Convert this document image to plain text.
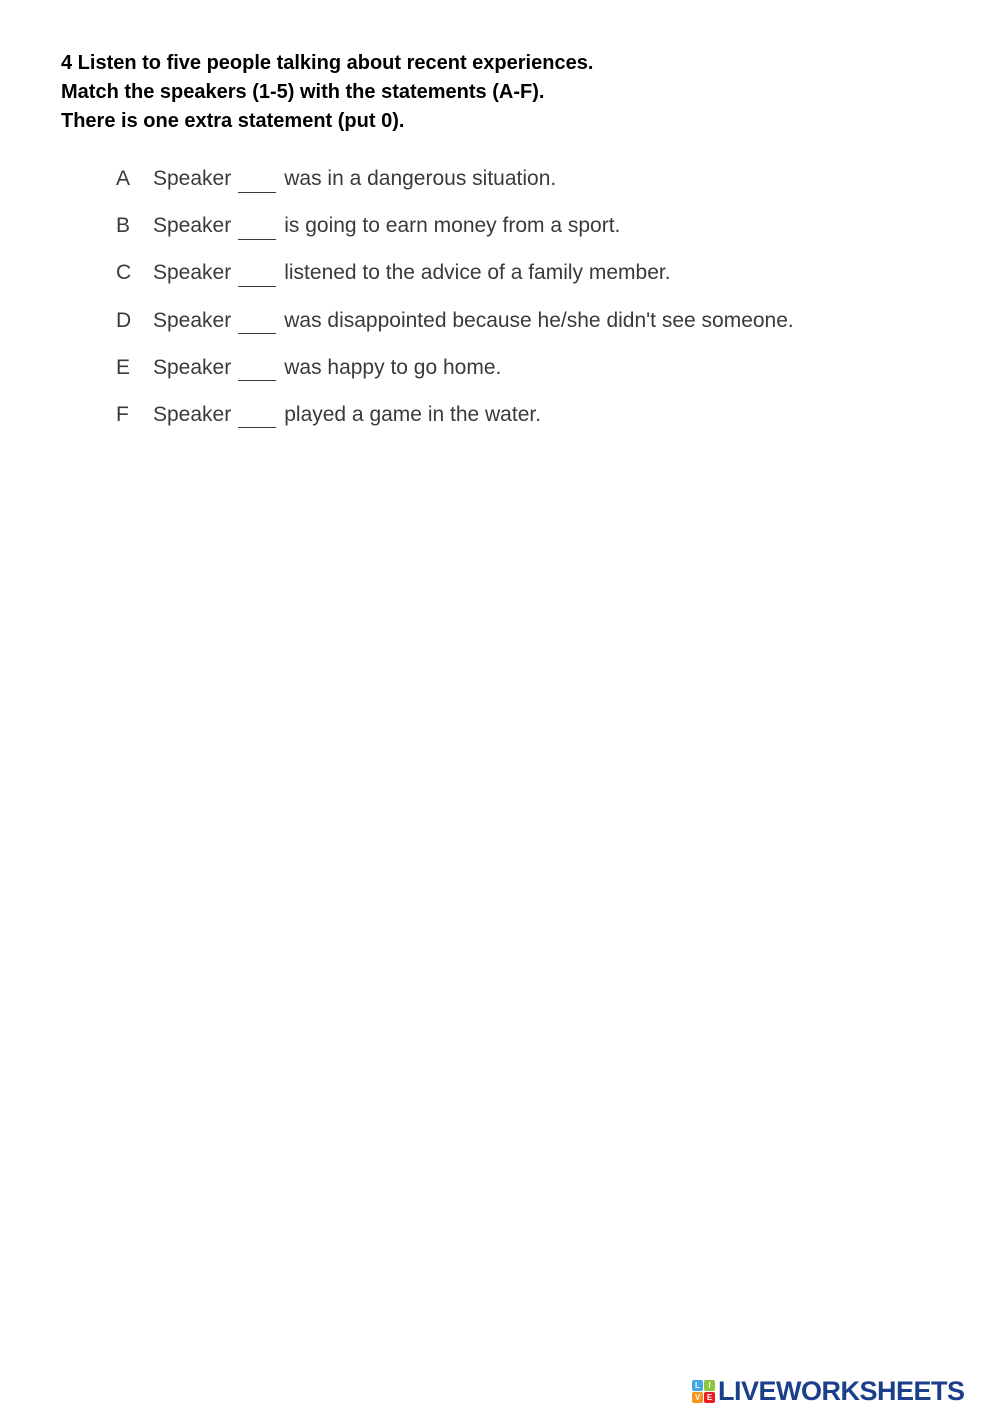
4 Listen to five people talking about recent experiences.
Match the speakers (1-5) with the statements (A-F).
There is one extra statement (put 0).
A Speaker	was in a dangerous situation.
B Speaker	is going to earn money from a sport.
C Speaker	listened to the advice of a family member.
D Speaker	was disappointed because he/she didn't see someone.
E Speaker	was happy to go home.
F Speaker	played a game in the water.
L	I
V E LIVEWORKSHEETS
